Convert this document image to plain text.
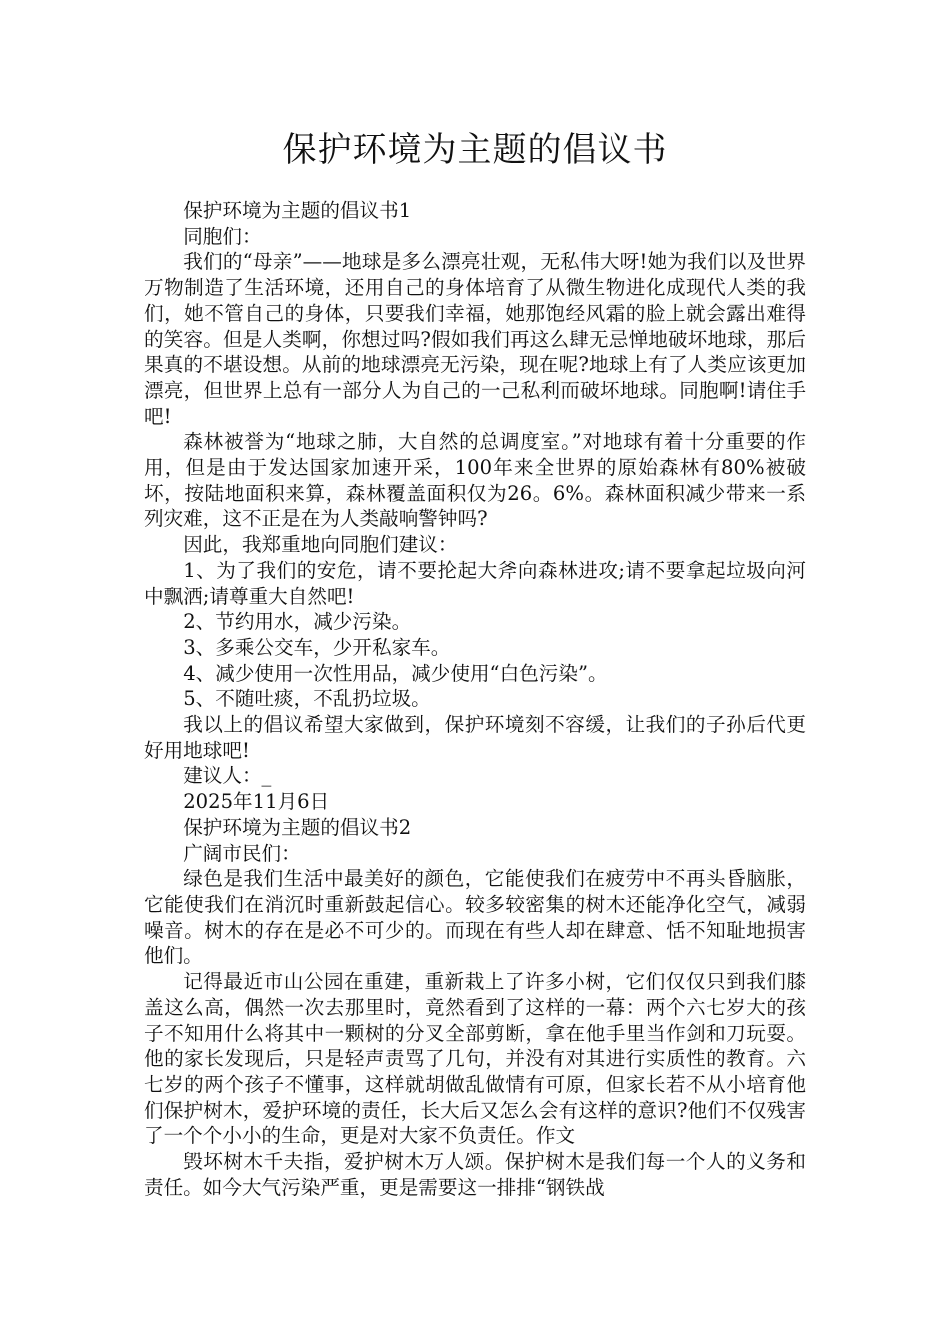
保护环境为主题的倡议书

保护环境为主题的倡议书1

同胞们：

我们的“母亲”——地球是多么漂亮壮观，无私伟大呀!她为我们以及世界万物制造了生活环境，还用自己的身体培育了从微生物进化成现代人类的我们，她不管自己的身体，只要我们幸福，她那饱经风霜的脸上就会露出难得的笑容。但是人类啊，你想过吗?假如我们再这么肆无忌惮地破坏地球，那后果真的不堪设想。从前的地球漂亮无污染，现在呢?地球上有了人类应该更加漂亮，但世界上总有一部分人为自己的一己私利而破坏地球。同胞啊!请住手吧!

森林被誉为“地球之肺，大自然的总调度室。”对地球有着十分重要的作用，但是由于发达国家加速开采，100年来全世界的原始森林有80%被破坏，按陆地面积来算，森林覆盖面积仅为26。6%。森林面积减少带来一系列灾难，这不正是在为人类敲响警钟吗?

因此，我郑重地向同胞们建议：

1、为了我们的安危，请不要抡起大斧向森林进攻;请不要拿起垃圾向河中飘洒;请尊重大自然吧!

2、节约用水，减少污染。

3、多乘公交车，少开私家车。

4、减少使用一次性用品，减少使用“白色污染”。

5、不随吐痰，不乱扔垃圾。

我以上的倡议希望大家做到，保护环境刻不容缓，让我们的子孙后代更好用地球吧!

建议人：_

2025年11月6日

保护环境为主题的倡议书2

广阔市民们：

绿色是我们生活中最美好的颜色，它能使我们在疲劳中不再头昏脑胀，它能使我们在消沉时重新鼓起信心。较多较密集的树木还能净化空气，减弱噪音。树木的存在是必不可少的。而现在有些人却在肆意、恬不知耻地损害他们。

记得最近市山公园在重建，重新栽上了许多小树，它们仅仅只到我们膝盖这么高，偶然一次去那里时，竟然看到了这样的一幕：两个六七岁大的孩子不知用什么将其中一颗树的分叉全部剪断，拿在他手里当作剑和刀玩耍。他的家长发现后，只是轻声责骂了几句，并没有对其进行实质性的教育。六七岁的两个孩子不懂事，这样就胡做乱做情有可原，但家长若不从小培育他们保护树木，爱护环境的责任，长大后又怎么会有这样的意识?他们不仅残害了一个个小小的生命，更是对大家不负责任。作文

毁坏树木千夫指，爱护树木万人颂。保护树木是我们每一个人的义务和责任。如今大气污染严重，更是需要这一排排“钢铁战
